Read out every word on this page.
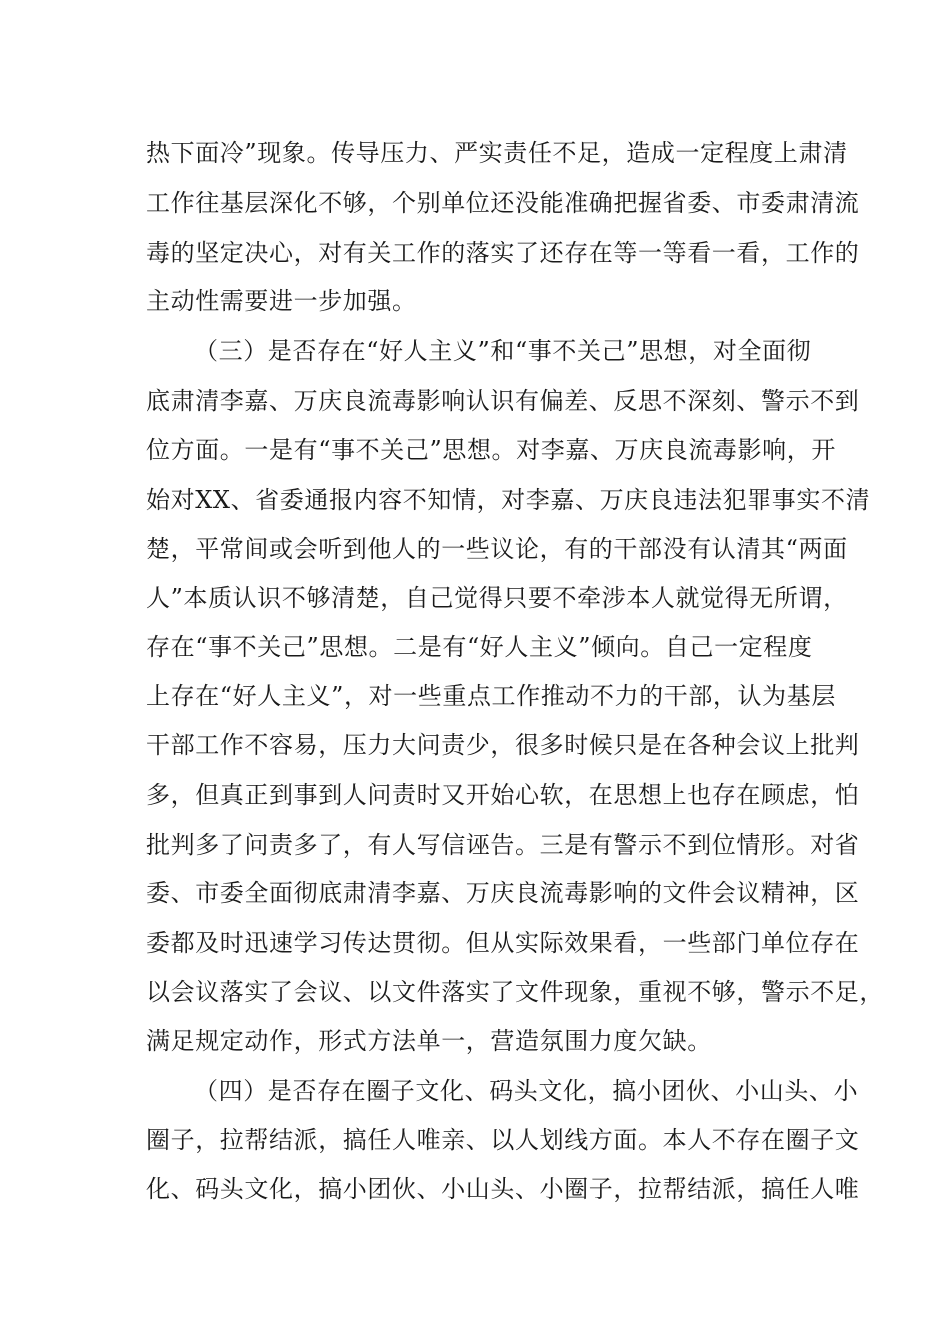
热下面冷”现象。传导压力、严实责任不足，造成一定程度上肃清
工作往基层深化不够，个别单位还没能准确把握省委、市委肃清流
毒的坚定决心，对有关工作的落实了还存在等一等看一看，工作的
主动性需要进一步加强。
（三）是否存在“好人主义”和“事不关己”思想，对全面彻
底肃清李嘉、万庆良流毒影响认识有偏差、反思不深刻、警示不到
位方面。一是有“事不关己”思想。对李嘉、万庆良流毒影响，开
始对XX、省委通报内容不知情，对李嘉、万庆良违法犯罪事实不清
楚，平常间或会听到他人的一些议论，有的干部没有认清其“两面
人”本质认识不够清楚，自己觉得只要不牵涉本人就觉得无所谓，
存在“事不关己”思想。二是有“好人主义”倾向。自己一定程度
上存在“好人主义”，对一些重点工作推动不力的干部，认为基层
干部工作不容易，压力大问责少，很多时候只是在各种会议上批判
多，但真正到事到人问责时又开始心软，在思想上也存在顾虑，怕
批判多了问责多了，有人写信诬告。三是有警示不到位情形。对省
委、市委全面彻底肃清李嘉、万庆良流毒影响的文件会议精神，区
委都及时迅速学习传达贯彻。但从实际效果看，一些部门单位存在
以会议落实了会议、以文件落实了文件现象，重视不够，警示不足，
满足规定动作，形式方法单一，营造氛围力度欠缺。
（四）是否存在圈子文化、码头文化，搞小团伙、小山头、小
圈子，拉帮结派，搞任人唯亲、以人划线方面。本人不存在圈子文
化、码头文化，搞小团伙、小山头、小圈子，拉帮结派，搞任人唯
